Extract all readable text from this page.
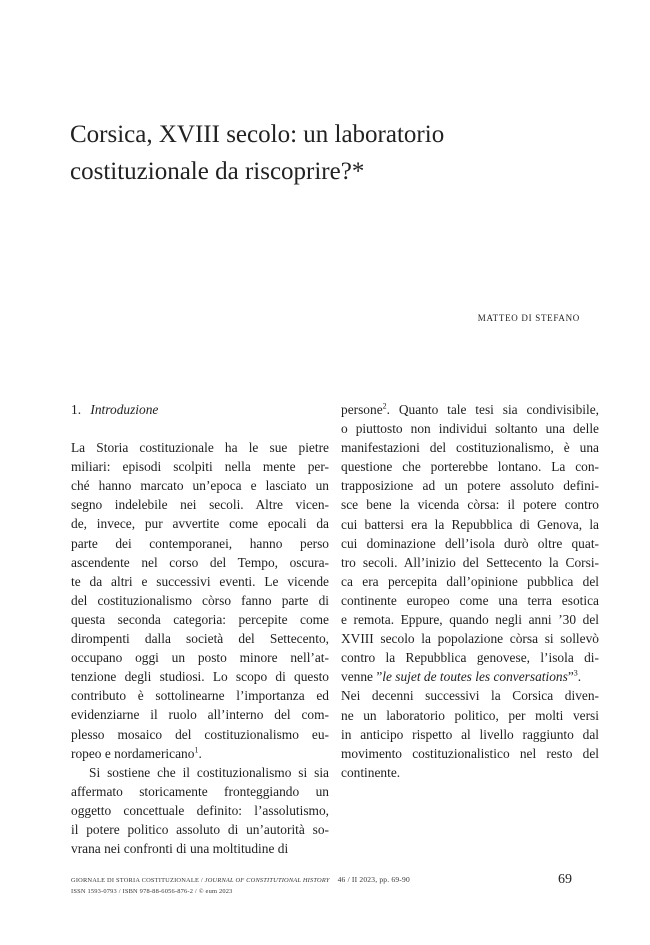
Corsica, XVIII secolo: un laboratorio
costituzionale da riscoprire?*
MATTEO DI STEFANO
1. Introduzione
La Storia costituzionale ha le sue pietre
miliari: episodi scolpiti nella mente per-
ché hanno marcato un’epoca e lasciato un
segno indelebile nei secoli. Altre vicen-
de, invece, pur avvertite come epocali da
parte dei contemporanei, hanno perso
ascendente nel corso del Tempo, oscura-
te da altri e successivi eventi. Le vicende
del costituzionalismo còrso fanno parte di
questa seconda categoria: percepite come
dirompenti dalla società del Settecento,
occupano oggi un posto minore nell’at-
tenzione degli studiosi. Lo scopo di questo
contributo è sottolinearne l’importanza ed
evidenziarne il ruolo all’interno del com-
plesso mosaico del costituzionalismo eu-
ropeo e nordamericano$^1$.
Si sostiene che il costituzionalismo si sia
affermato storicamente fronteggiando un
oggetto concettuale definito: l’assolutismo,
il potere politico assoluto di un’autorità so-
vrana nei confronti di una moltitudine di
persone$^2$. Quanto tale tesi sia condivisibile,
o piuttosto non individui soltanto una delle
manifestazioni del costituzionalismo, è una
questione che porterebbe lontano. La con-
trapposizione ad un potere assoluto defini-
sce bene la vicenda còrsa: il potere contro
cui battersi era la Repubblica di Genova, la
cui dominazione dell’isola durò oltre quat-
tro secoli. All’inizio del Settecento la Corsi-
ca era percepita dall’opinione pubblica del
continente europeo come una terra esotica
e remota. Eppure, quando negli anni ’30 del
XVIII secolo la popolazione còrsa si sollevò
contro la Repubblica genovese, l’isola di-
venne ”le sujet de toutes les conversations”$^3$.
Nei decenni successivi la Corsica diven-
ne un laboratorio politico, per molti versi
in anticipo rispetto al livello raggiunto dal
movimento costituzionalistico nel resto del
continente.
GIORNALE DI STORIA COSTITUZIONALE / JOURNAL OF CONSTITUTIONAL HISTORY 46 / II 2023, pp. 69-90
ISSN 1593-0793 / ISBN 978-88-6056-876-2 / © eum 2023
69
